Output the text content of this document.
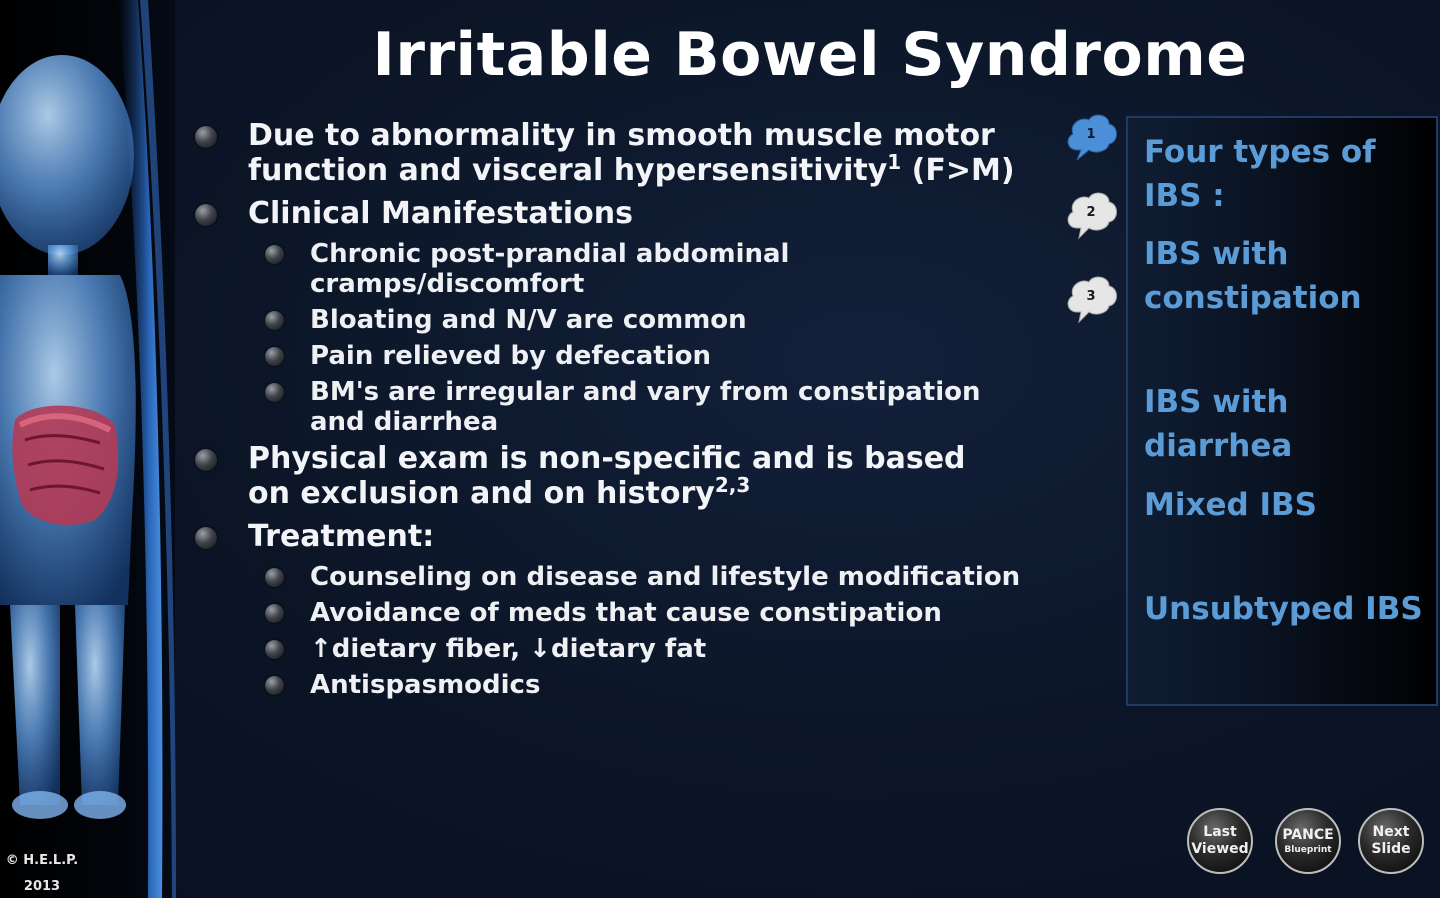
© H.E.L.P.
2013
Irritable Bowel Syndrome
Due to abnormality in smooth muscle motor function and visceral hypersensitivity$^1$ (F>M)
Clinical Manifestations
Chronic post-prandial abdominal cramps/discomfort
Bloating and N/V are common
Pain relieved by defecation
BM's are irregular and vary from constipation and diarrhea
Physical exam is non-specific and is based on exclusion and on history$^{2,3}$
Treatment:
Counseling on disease and lifestyle modification
Avoidance of meds that cause constipation
↑dietary fiber, ↓dietary fat
Antispasmodics
1
2
3
Four types of IBS :
IBS with constipation
IBS with diarrhea
Mixed IBS
Unsubtyped IBS
Last
Viewed
PANCE
Blueprint
Next
Slide
